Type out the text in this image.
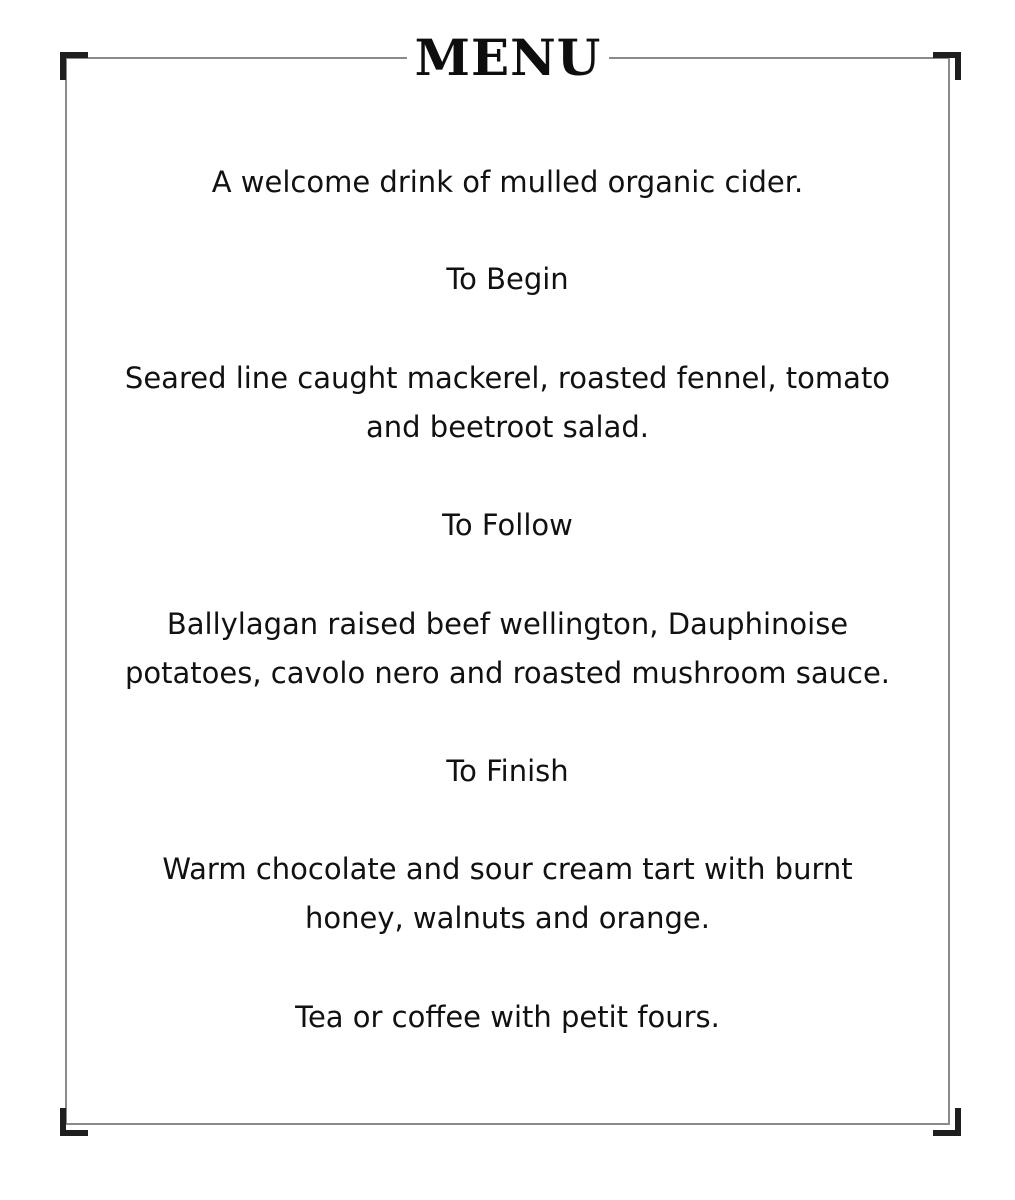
MENU

A welcome drink of mulled organic cider.

To Begin

Seared line caught mackerel, roasted fennel, tomato
and beetroot salad.

To Follow

Ballylagan raised beef wellington, Dauphinoise
potatoes, cavolo nero and roasted mushroom sauce.

To Finish

Warm chocolate and sour cream tart with burnt
honey, walnuts and orange.

Tea or coffee with petit fours.
